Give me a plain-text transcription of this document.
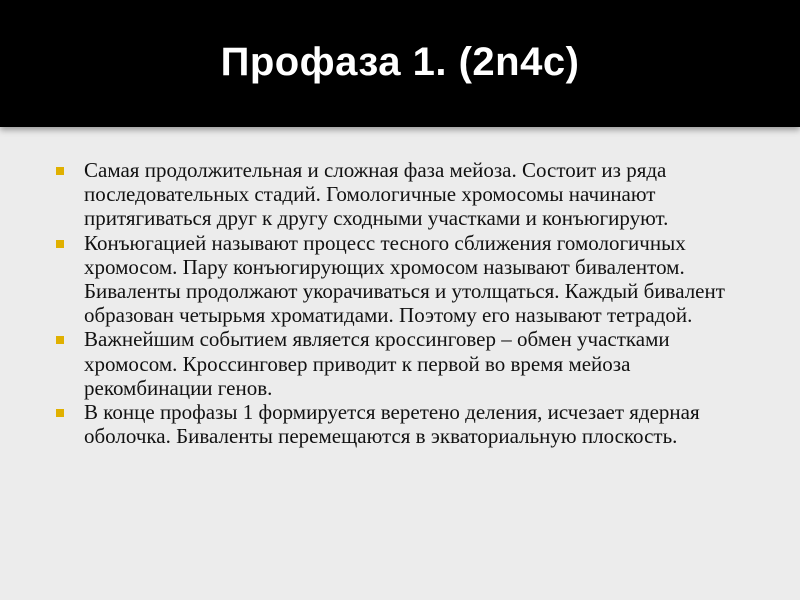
Профаза 1. (2n4c)
Самая продолжительная и сложная фаза мейоза. Состоит из ряда последовательных стадий. Гомологичные хромосомы начинают притягиваться друг к другу сходными участками и конъюгируют.
Конъюгацией называют процесс тесного сближения гомологичных хромосом. Пару конъюгирующих хромосом называют бивалентом. Биваленты продолжают укорачиваться и утолщаться. Каждый бивалент образован четырьмя хроматидами. Поэтому его называют тетрадой.
Важнейшим событием является кроссинговер – обмен участками хромосом. Кроссинговер приводит к первой во время мейоза рекомбинации генов.
В конце профазы 1 формируется веретено деления, исчезает ядерная оболочка. Биваленты перемещаются в экваториальную плоскость.
